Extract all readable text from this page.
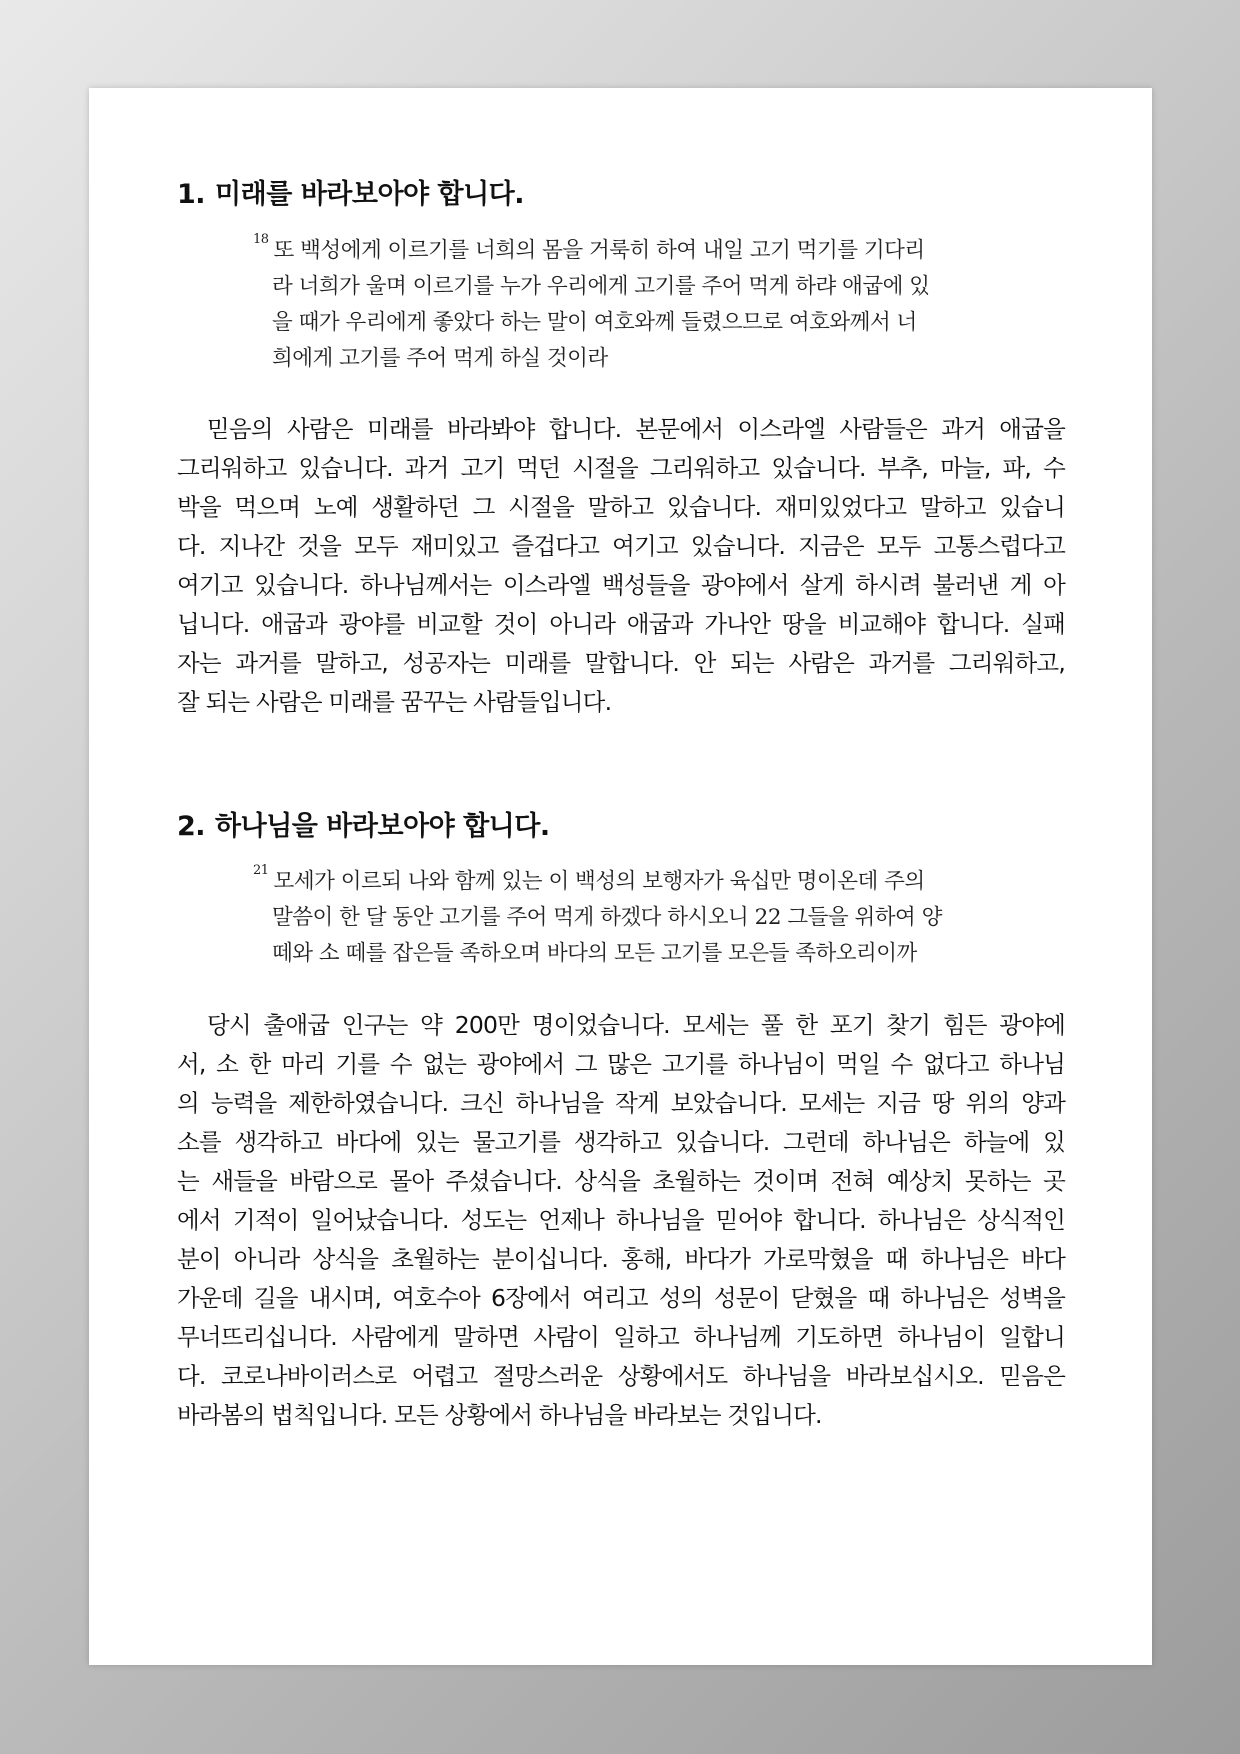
1. 미래를 바라보아야 합니다.
$^{18}$ 또 백성에게 이르기를 너희의 몸을 거룩히 하여 내일 고기 먹기를 기다리
라 너희가 울며 이르기를 누가 우리에게 고기를 주어 먹게 하랴 애굽에 있
을 때가 우리에게 좋았다 하는 말이 여호와께 들렸으므로 여호와께서 너
희에게 고기를 주어 먹게 하실 것이라
믿음의 사람은 미래를 바라봐야 합니다. 본문에서 이스라엘 사람들은 과거 애굽을
그리워하고 있습니다. 과거 고기 먹던 시절을 그리워하고 있습니다. 부추, 마늘, 파, 수
박을 먹으며 노예 생활하던 그 시절을 말하고 있습니다. 재미있었다고 말하고 있습니
다. 지나간 것을 모두 재미있고 즐겁다고 여기고 있습니다. 지금은 모두 고통스럽다고
여기고 있습니다. 하나님께서는 이스라엘 백성들을 광야에서 살게 하시려 불러낸 게 아
닙니다. 애굽과 광야를 비교할 것이 아니라 애굽과 가나안 땅을 비교해야 합니다. 실패
자는 과거를 말하고, 성공자는 미래를 말합니다. 안 되는 사람은 과거를 그리워하고,
잘 되는 사람은 미래를 꿈꾸는 사람들입니다.
2. 하나님을 바라보아야 합니다.
$^{21}$ 모세가 이르되 나와 함께 있는 이 백성의 보행자가 육십만 명이온데 주의
말씀이 한 달 동안 고기를 주어 먹게 하겠다 하시오니 22 그들을 위하여 양
떼와 소 떼를 잡은들 족하오며 바다의 모든 고기를 모은들 족하오리이까
당시 출애굽 인구는 약 200만 명이었습니다. 모세는 풀 한 포기 찾기 힘든 광야에
서, 소 한 마리 기를 수 없는 광야에서 그 많은 고기를 하나님이 먹일 수 없다고 하나님
의 능력을 제한하였습니다. 크신 하나님을 작게 보았습니다. 모세는 지금 땅 위의 양과
소를 생각하고 바다에 있는 물고기를 생각하고 있습니다. 그런데 하나님은 하늘에 있
는 새들을 바람으로 몰아 주셨습니다. 상식을 초월하는 것이며 전혀 예상치 못하는 곳
에서 기적이 일어났습니다. 성도는 언제나 하나님을 믿어야 합니다. 하나님은 상식적인
분이 아니라 상식을 초월하는 분이십니다. 홍해, 바다가 가로막혔을 때 하나님은 바다
가운데 길을 내시며, 여호수아 6장에서 여리고 성의 성문이 닫혔을 때 하나님은 성벽을
무너뜨리십니다. 사람에게 말하면 사람이 일하고 하나님께 기도하면 하나님이 일합니
다. 코로나바이러스로 어렵고 절망스러운 상황에서도 하나님을 바라보십시오. 믿음은
바라봄의 법칙입니다. 모든 상황에서 하나님을 바라보는 것입니다.
